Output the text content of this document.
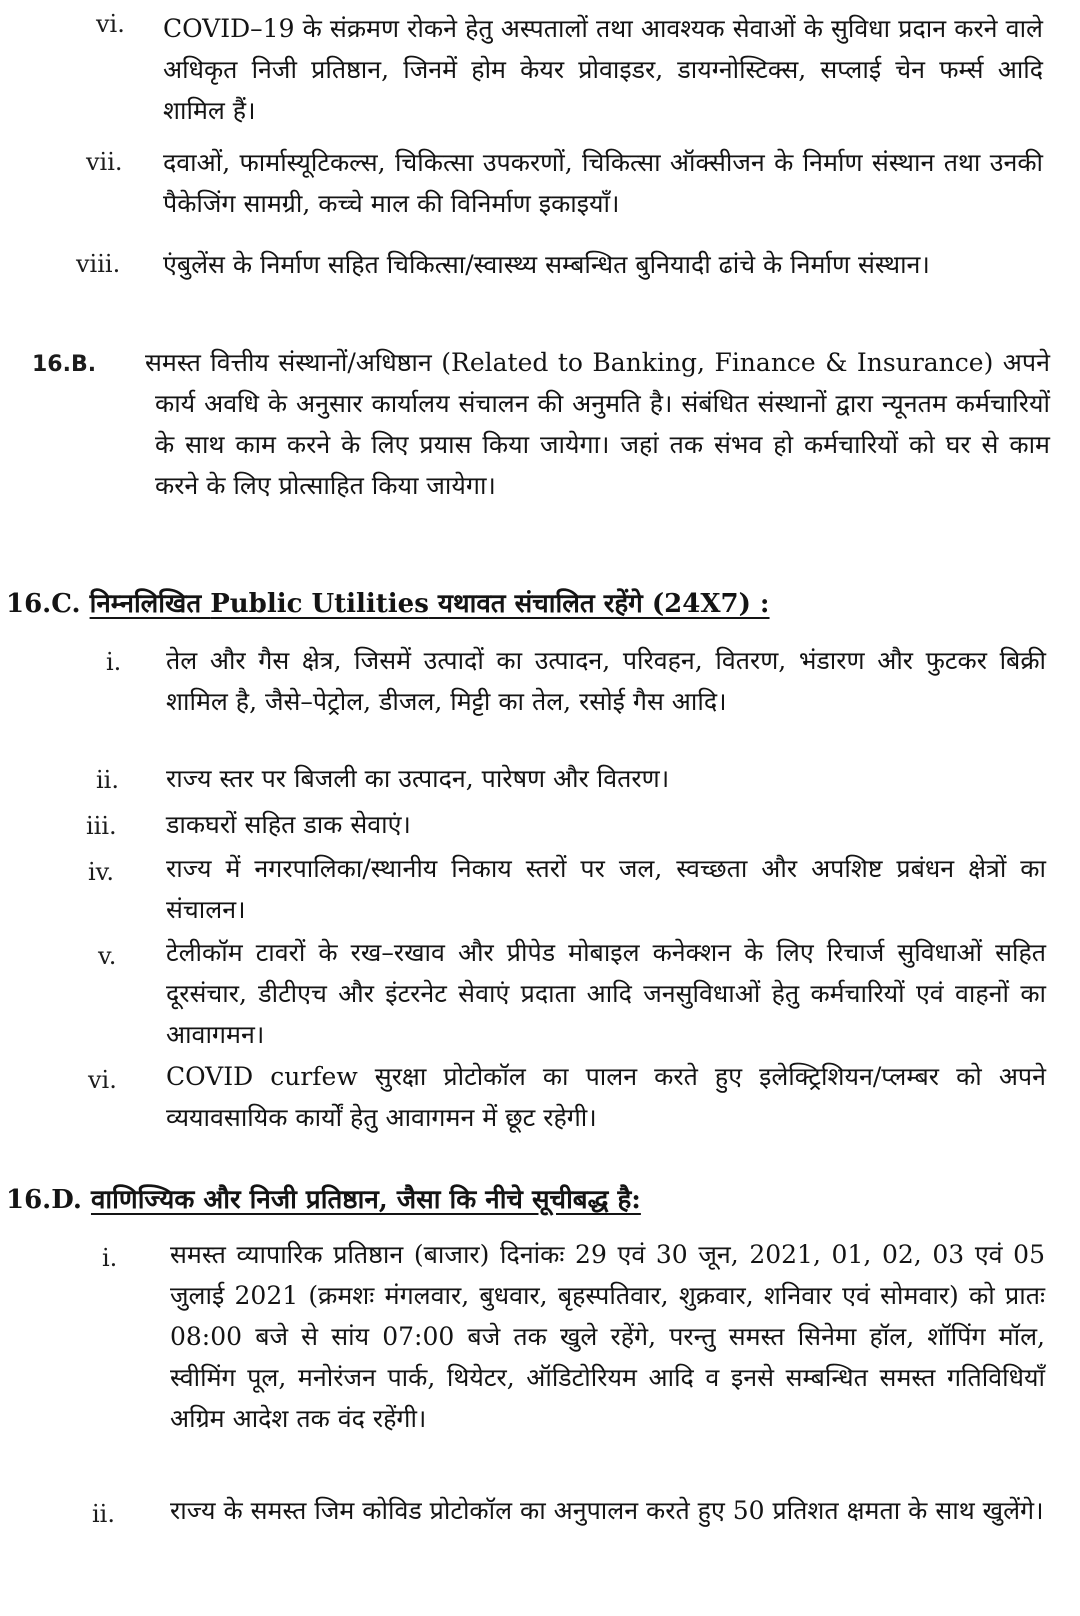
vi. COVID–19 के संक्रमण रोकने हेतु अस्पतालों तथा आवश्यक सेवाओं के सुविधा प्रदान करने वाले अधिकृत निजी प्रतिष्ठान, जिनमें होम केयर प्रोवाइडर, डायग्नोस्टिक्स, सप्लाई चेन फर्म्स आदि शामिल हैं।

vii. दवाओं, फार्मास्यूटिकल्स, चिकित्सा उपकरणों, चिकित्सा ऑक्सीजन के निर्माण संस्थान तथा उनकी पैकेजिंग सामग्री, कच्चे माल की विनिर्माण इकाइयाँ।

viii. एंबुलेंस के निर्माण सहित चिकित्सा/स्वास्थ्य सम्बन्धित बुनियादी ढांचे के निर्माण संस्थान।

16.B. समस्त वित्तीय संस्थानों/अधिष्ठान (Related to Banking, Finance & Insurance) अपने कार्य अवधि के अनुसार कार्यालय संचालन की अनुमति है। संबंधित संस्थानों द्वारा न्यूनतम कर्मचारियों के साथ काम करने के लिए प्रयास किया जायेगा। जहां तक संभव हो कर्मचारियों को घर से काम करने के लिए प्रोत्साहित किया जायेगा।

16.C. निम्नलिखित Public Utilities यथावत संचालित रहेंगे (24X7) :
i. तेल और गैस क्षेत्र, जिसमें उत्पादों का उत्पादन, परिवहन, वितरण, भंडारण और फुटकर बिक्री शामिल है, जैसे–पेट्रोल, डीजल, मिट्टी का तेल, रसोई गैस आदि।

ii. राज्य स्तर पर बिजली का उत्पादन, पारेषण और वितरण।

iii. डाकघरों सहित डाक सेवाएं।

iv. राज्य में नगरपालिका/स्थानीय निकाय स्तरों पर जल, स्वच्छता और अपशिष्ट प्रबंधन क्षेत्रों का संचालन।

v. टेलीकॉम टावरों के रख–रखाव और प्रीपेड मोबाइल कनेक्शन के लिए रिचार्ज सुविधाओं सहित दूरसंचार, डीटीएच और इंटरनेट सेवाएं प्रदाता आदि जनसुविधाओं हेतु कर्मचारियों एवं वाहनों का आवागमन।

vi. COVID curfew सुरक्षा प्रोटोकॉल का पालन करते हुए इलेक्ट्रिशियन/प्लम्बर को अपने व्ययावसायिक कार्यों हेतु आवागमन में छूट रहेगी।

16.D. वाणिज्यिक और निजी प्रतिष्ठान, जैसा कि नीचे सूचीबद्ध है:
i. समस्त व्यापारिक प्रतिष्ठान (बाजार) दिनांकः 29 एवं 30 जून, 2021, 01, 02, 03 एवं 05 जुलाई 2021 (क्रमशः मंगलवार, बुधवार, बृहस्पतिवार, शुक्रवार, शनिवार एवं सोमवार) को प्रातः 08:00 बजे से सांय 07:00 बजे तक खुले रहेंगे, परन्तु समस्त सिनेमा हॉल, शॉपिंग मॉल, स्वीमिंग पूल, मनोरंजन पार्क, थियेटर, ऑडिटोरियम आदि व इनसे सम्बन्धित समस्त गतिविधियाँ अग्रिम आदेश तक वंद रहेंगी।

ii. राज्य के समस्त जिम कोविड प्रोटोकॉल का अनुपालन करते हुए 50 प्रतिशत क्षमता के साथ खुलेंगे।
